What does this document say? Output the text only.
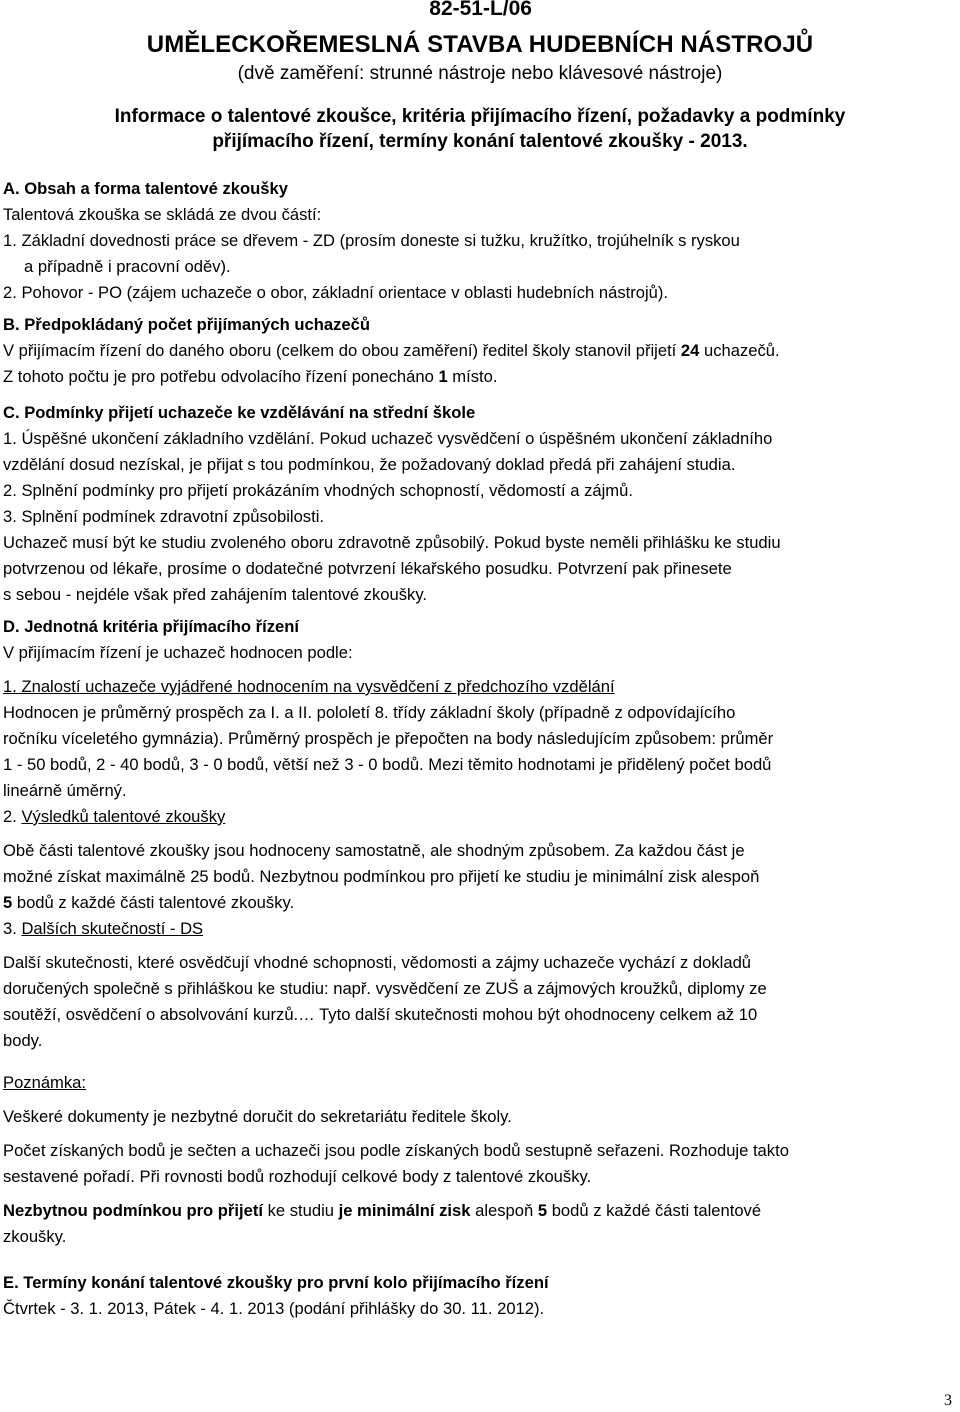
82-51-L/06
UMĚLECKOŘEMESLNÁ STAVBA HUDEBNÍCH NÁSTROJŮ
(dvě zaměření: strunné nástroje nebo klávesové nástroje)
Informace o talentové zkoušce, kritéria přijímacího řízení, požadavky a podmínky
přijímacího řízení, termíny konání talentové zkoušky - 2013.

A. Obsah a forma talentové zkoušky

Talentová zkouška se skládá ze dvou částí:

1. Základní dovednosti práce se dřevem - ZD (prosím doneste si tužku, kružítko, trojúhelník s ryskou

a případně i pracovní oděv).

2. Pohovor - PO (zájem uchazeče o obor, základní orientace v oblasti hudebních nástrojů).

B. Předpokládaný počet přijímaných uchazečů

V přijímacím řízení do daného oboru (celkem do obou zaměření) ředitel školy stanovil přijetí 24 uchazečů.

Z tohoto počtu je pro potřebu odvolacího řízení ponecháno 1 místo.

C. Podmínky přijetí uchazeče ke vzdělávání na střední škole

1. Úspěšné ukončení základního vzdělání. Pokud uchazeč vysvědčení o úspěšném ukončení základního

vzdělání dosud nezískal, je přijat s tou podmínkou, že požadovaný doklad předá při zahájení studia.

2. Splnění podmínky pro přijetí prokázáním vhodných schopností, vědomostí a zájmů.

3. Splnění podmínek zdravotní způsobilosti.

Uchazeč musí být ke studiu zvoleného oboru zdravotně způsobilý. Pokud byste neměli přihlášku ke studiu

potvrzenou od lékaře, prosíme o dodatečné potvrzení lékařského posudku. Potvrzení pak přinesete

s sebou - nejdéle však před zahájením talentové zkoušky.

D. Jednotná kritéria přijímacího řízení

V přijímacím řízení je uchazeč hodnocen podle:

1. Znalostí uchazeče vyjádřené hodnocením na vysvědčení z předchozího vzdělání

Hodnocen je průměrný prospěch za I. a II. pololetí 8. třídy základní školy (případně z odpovídajícího

ročníku víceletého gymnázia). Průměrný prospěch je přepočten na body následujícím způsobem: průměr

1 - 50 bodů, 2 - 40 bodů, 3 - 0 bodů, větší než 3 - 0 bodů. Mezi těmito hodnotami je přidělený počet bodů

lineárně úměrný.

2. Výsledků talentové zkoušky

Obě části talentové zkoušky jsou hodnoceny samostatně, ale shodným způsobem. Za každou část je

možné získat maximálně 25 bodů. Nezbytnou podmínkou pro přijetí ke studiu je minimální zisk alespoň

5 bodů z každé části talentové zkoušky.

3. Dalších skutečností - DS

Další skutečnosti, které osvědčují vhodné schopnosti, vědomosti a zájmy uchazeče vychází z dokladů

doručených společně s přihláškou ke studiu: např. vysvědčení ze ZUŠ a zájmových kroužků, diplomy ze

soutěží, osvědčení o absolvování kurzů.… Tyto další skutečnosti mohou být ohodnoceny celkem až 10

body.

Poznámka:

Veškeré dokumenty je nezbytné doručit do sekretariátu ředitele školy.

Počet získaných bodů je sečten a uchazeči jsou podle získaných bodů sestupně seřazeni. Rozhoduje takto

sestavené pořadí. Při rovnosti bodů rozhodují celkové body z talentové zkoušky.

Nezbytnou podmínkou pro přijetí ke studiu je minimální zisk alespoň 5 bodů z každé části talentové

zkoušky.

E. Termíny konání talentové zkoušky pro první kolo přijímacího řízení

Čtvrtek - 3. 1. 2013, Pátek - 4. 1. 2013 (podání přihlášky do 30. 11. 2012).

3
